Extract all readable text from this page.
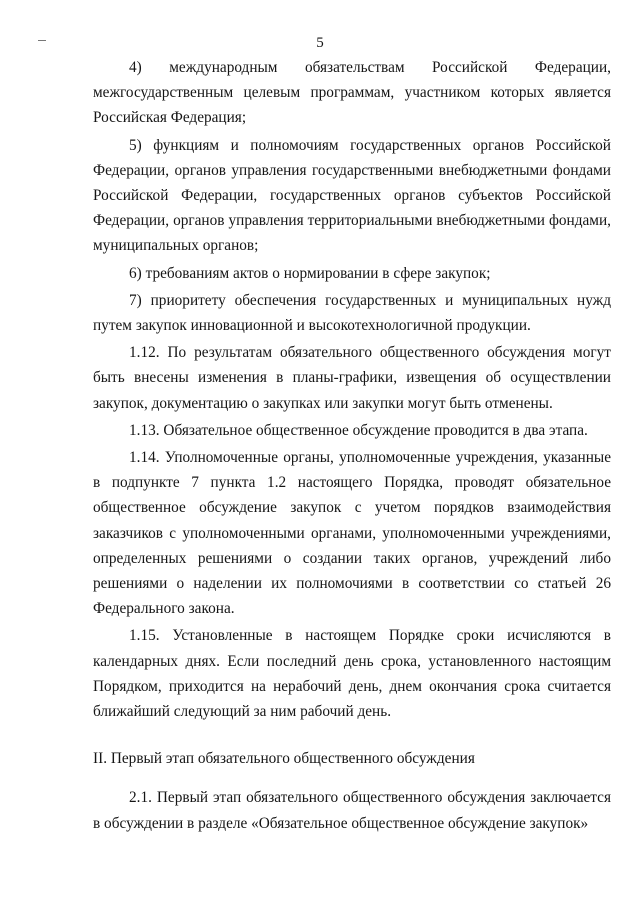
5

4) международным обязательствам Российской Федерации, межгосударственным целевым программам, участником которых является Российская Федерация;

5) функциям и полномочиям государственных органов Российской Федерации, органов управления государственными внебюджетными фондами Российской Федерации, государственных органов субъектов Российской Федерации, органов управления территориальными внебюджетными фондами, муниципальных органов;

6) требованиям актов о нормировании в сфере закупок;

7) приоритету обеспечения государственных и муниципальных нужд путем закупок инновационной и высокотехнологичной продукции.

1.12. По результатам обязательного общественного обсуждения могут быть внесены изменения в планы-графики, извещения об осуществлении закупок, документацию о закупках или закупки могут быть отменены.

1.13. Обязательное общественное обсуждение проводится в два этапа.

1.14. Уполномоченные органы, уполномоченные учреждения, указанные в подпункте 7 пункта 1.2 настоящего Порядка, проводят обязательное общественное обсуждение закупок с учетом порядков взаимодействия заказчиков с уполномоченными органами, уполномоченными учреждениями, определенных решениями о создании таких органов, учреждений либо решениями о наделении их полномочиями в соответствии со статьей 26 Федерального закона.

1.15. Установленные в настоящем Порядке сроки исчисляются в календарных днях. Если последний день срока, установленного настоящим Порядком, приходится на нерабочий день, днем окончания срока считается ближайший следующий за ним рабочий день.

II. Первый этап обязательного общественного обсуждения

2.1. Первый этап обязательного общественного обсуждения заключается в обсуждении в разделе «Обязательное общественное обсуждение закупок»
